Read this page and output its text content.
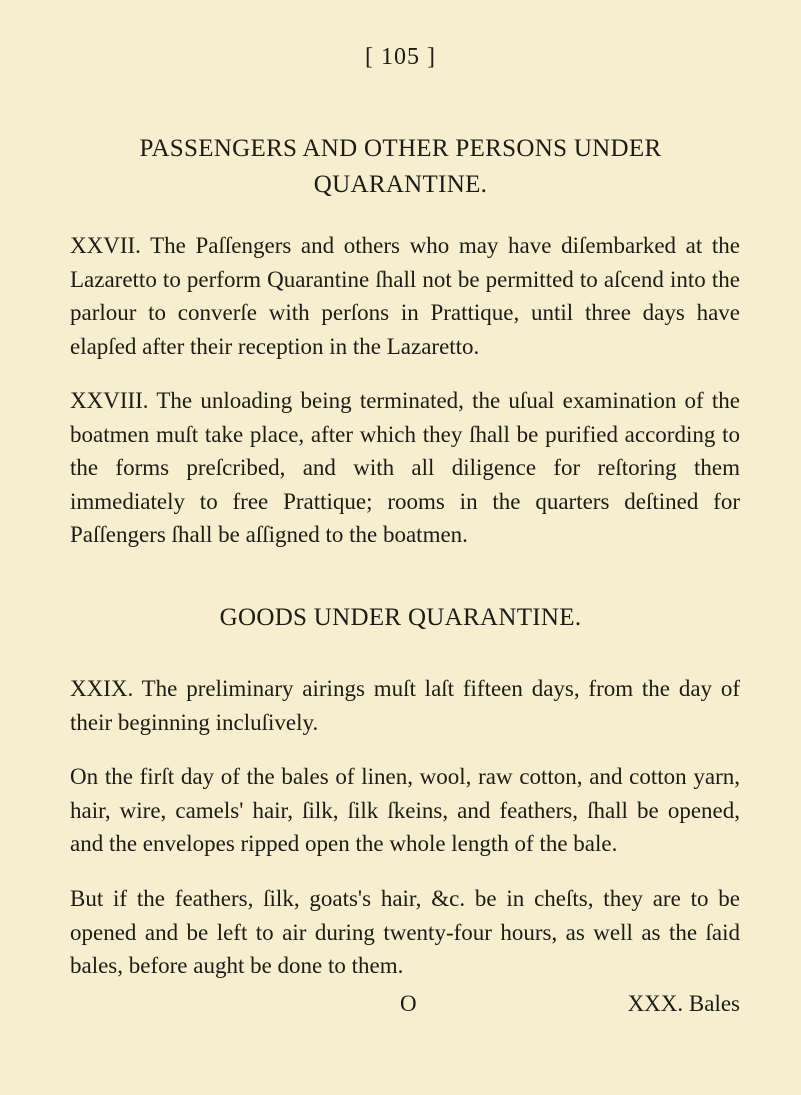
[ 105 ]
PASSENGERS AND OTHER PERSONS UNDER QUARANTINE.
XXVII. The Paſſengers and others who may have diſembarked at the Lazaretto to perform Quarantine ſhall not be permitted to aſcend into the parlour to converſe with perſons in Prattique, until three days have elapſed after their reception in the Lazaretto.
XXVIII. The unloading being terminated, the uſual examination of the boatmen muſt take place, after which they ſhall be purified according to the forms preſcribed, and with all diligence for reſtoring them immediately to free Prattique; rooms in the quarters deſtined for Paſſengers ſhall be aſſigned to the boatmen.
GOODS UNDER QUARANTINE.
XXIX. The preliminary airings muſt laſt fifteen days, from the day of their beginning incluſively.
On the firſt day of the bales of linen, wool, raw cotton, and cotton yarn, hair, wire, camels' hair, ſilk, ſilk ſkeins, and feathers, ſhall be opened, and the envelopes ripped open the whole length of the bale.
But if the feathers, ſilk, goats's hair, &c. be in cheſts, they are to be opened and be left to air during twenty-four hours, as well as the ſaid bales, before aught be done to them.
O	XXX. Bales
